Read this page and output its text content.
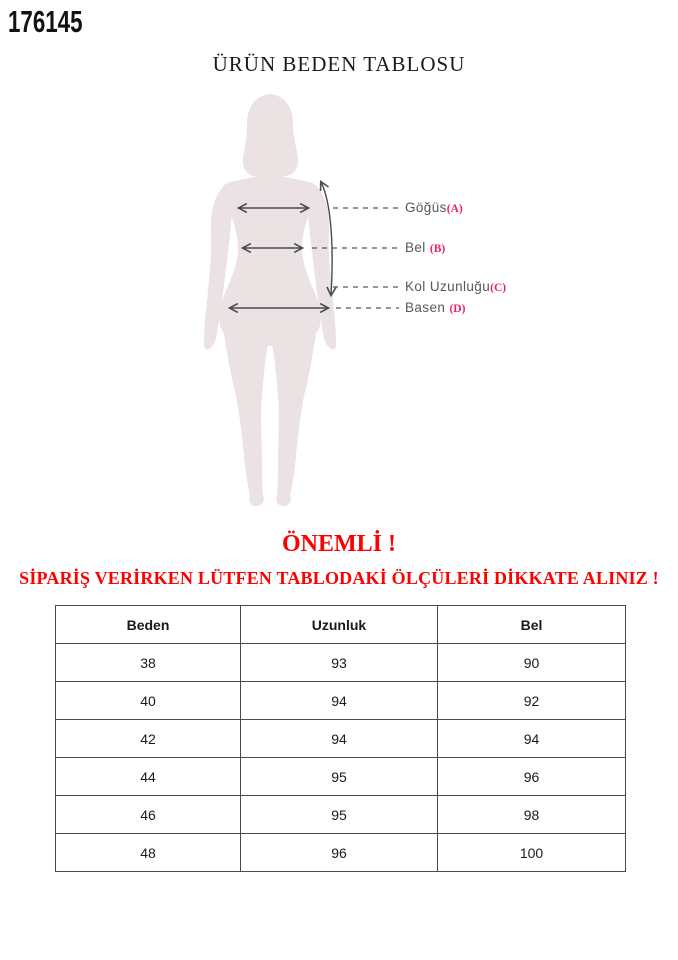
176145
ÜRÜN BEDEN TABLOSU
Göğüs(A)
Bel (B)
Kol Uzunluğu(C)
Basen (D)
ÖNEMLİ !
SİPARİŞ VERİRKEN LÜTFEN TABLODAKİ ÖLÇÜLERİ DİKKATE ALINIZ !
Beden	Uzunluk	Bel
38	93	90
40	94	92
42	94	94
44	95	96
46	95	98
48	96	100
